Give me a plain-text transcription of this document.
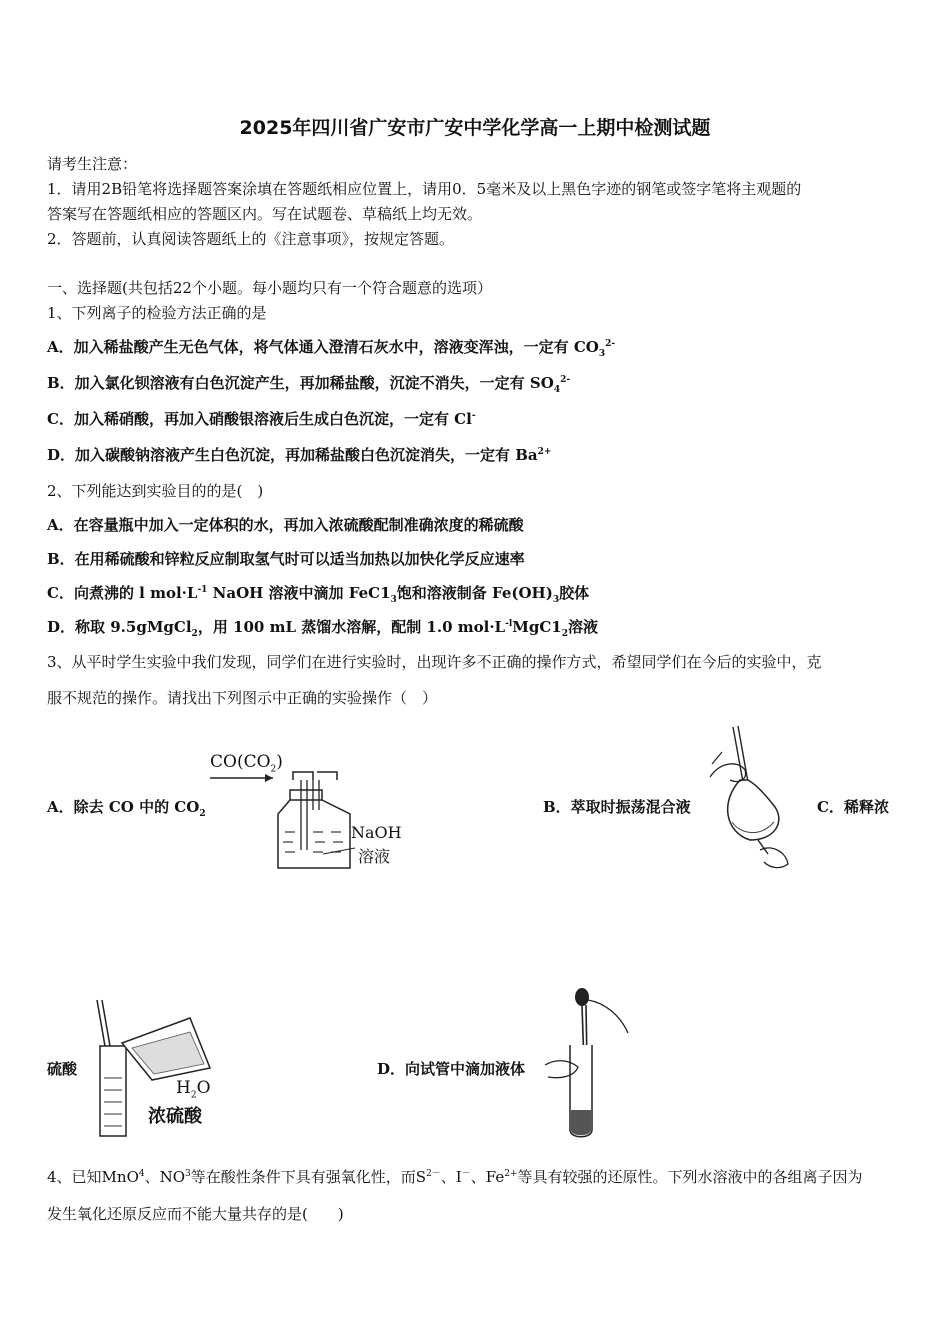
2025年四川省广安市广安中学化学高一上期中检测试题
请考生注意：
1．请用2B铅笔将选择题答案涂填在答题纸相应位置上，请用0．5毫米及以上黑色字迹的钢笔或签字笔将主观题的
答案写在答题纸相应的答题区内。写在试题卷、草稿纸上均无效。
2．答题前，认真阅读答题纸上的《注意事项》，按规定答题。
一、选择题(共包括22个小题。每小题均只有一个符合题意的选项）
1、下列离子的检验方法正确的是
A．加入稀盐酸产生无色气体，将气体通入澄清石灰水中，溶液变浑浊，一定有 $CO_3^{2-}$
B．加入氯化钡溶液有白色沉淀产生，再加稀盐酸，沉淀不消失，一定有 $SO_4^{2-}$
C．加入稀硝酸，再加入硝酸银溶液后生成白色沉淀，一定有 Cl-
D．加入碳酸钠溶液产生白色沉淀，再加稀盐酸白色沉淀消失，一定有 $Ba^{2+}$
2、下列能达到实验目的的是(　)
A．在容量瓶中加入一定体积的水，再加入浓硫酸配制准确浓度的稀硫酸
B．在用稀硫酸和锌粒反应制取氢气时可以适当加热以加快化学反应速率
C．向煮沸的 l $mol\cdot L^{-1}$ NaOH 溶液中滴加 $FeC1_3$饱和溶液制备 $Fe(OH)_3$胶体
D．称取 9.5gMgCl$_2$，用 100 mL 蒸馏水溶解，配制 1.0 $mol\cdot L^{-l}MgC1_2$溶液
3、从平时学生实验中我们发现，同学们在进行实验时，出现许多不正确的操作方式，希望同学们在今后的实验中，克
服不规范的操作。请找出下列图示中正确的实验操作（　）
A．除去 CO 中的 $CO_2$
$CO(CO_2)$
NaOH
溶液
B．萃取时振荡混合液	C．稀释浓
硫酸
$H_2O$
浓硫酸
D．向试管中滴加液体
4、已知MnO$^4$、$NO^3$等在酸性条件下具有强氧化性，而$S^{2-}$、I－、$Fe^{2+}$等具有较强的还原性。下列水溶液中的各组离子因为
发生氧化还原反应而不能大量共存的是(　　)
